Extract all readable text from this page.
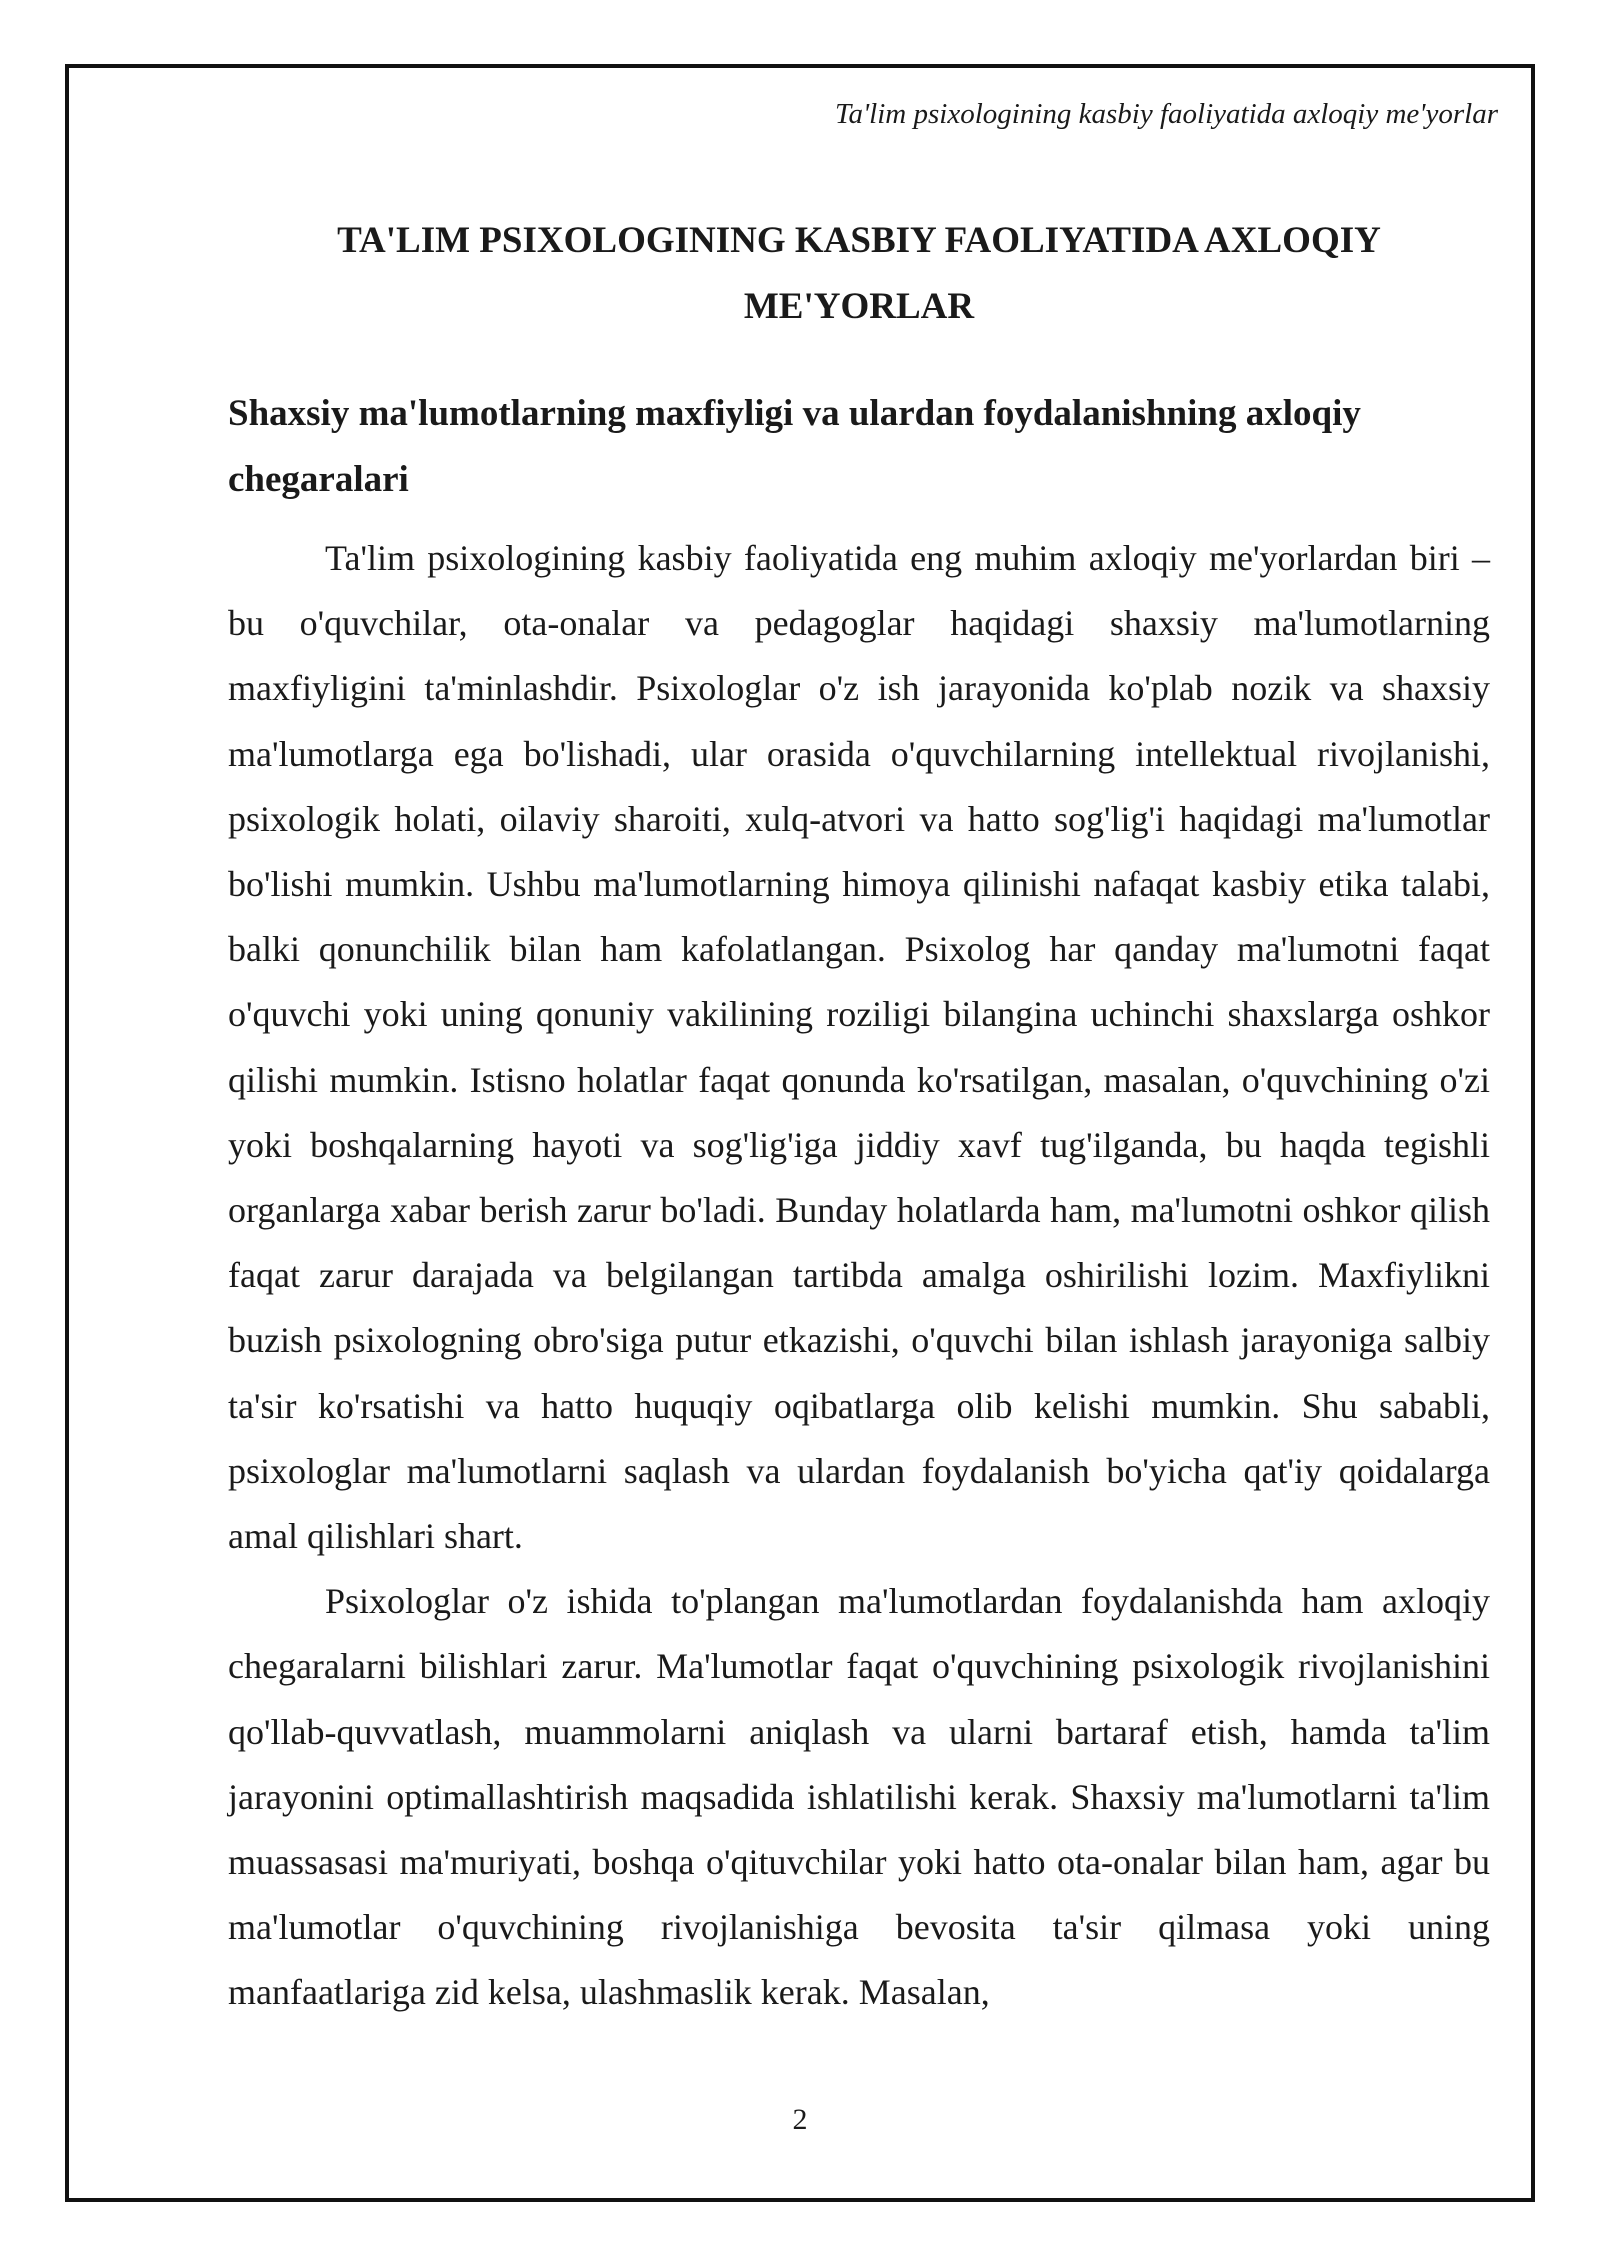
Ta'lim psixologining kasbiy faoliyatida axloqiy me'yorlar
TA'LIM PSIXOLOGINING KASBIY FAOLIYATIDA AXLOQIY
ME'YORLAR
Shaxsiy ma'lumotlarning maxfiyligi va ulardan foydalanishning axloqiy chegaralari

Ta'lim psixologining kasbiy faoliyatida eng muhim axloqiy me'yorlardan biri – bu o'quvchilar, ota-onalar va pedagoglar haqidagi shaxsiy ma'lumotlarning maxfiyligini ta'minlashdir. Psixologlar o'z ish jarayonida ko'plab nozik va shaxsiy ma'lumotlarga ega bo'lishadi, ular orasida o'quvchilarning intellektual rivojlanishi, psixologik holati, oilaviy sharoiti, xulq-atvori va hatto sog'lig'i haqidagi ma'lumotlar bo'lishi mumkin. Ushbu ma'lumotlarning himoya qilinishi nafaqat kasbiy etika talabi, balki qonunchilik bilan ham kafolatlangan. Psixolog har qanday ma'lumotni faqat o'quvchi yoki uning qonuniy vakilining roziligi bilangina uchinchi shaxslarga oshkor qilishi mumkin. Istisno holatlar faqat qonunda ko'rsatilgan, masalan, o'quvchining o'zi yoki boshqalarning hayoti va sog'lig'iga jiddiy xavf tug'ilganda, bu haqda tegishli organlarga xabar berish zarur bo'ladi. Bunday holatlarda ham, ma'lumotni oshkor qilish faqat zarur darajada va belgilangan tartibda amalga oshirilishi lozim. Maxfiylikni buzish psixologning obro'siga putur etkazishi, o'quvchi bilan ishlash jarayoniga salbiy ta'sir ko'rsatishi va hatto huquqiy oqibatlarga olib kelishi mumkin. Shu sababli, psixologlar ma'lumotlarni saqlash va ulardan foydalanish bo'yicha qat'iy qoidalarga amal qilishlari shart.

Psixologlar o'z ishida to'plangan ma'lumotlardan foydalanishda ham axloqiy chegaralarni bilishlari zarur. Ma'lumotlar faqat o'quvchining psixologik rivojlanishini qo'llab-quvvatlash, muammolarni aniqlash va ularni bartaraf etish, hamda ta'lim jarayonini optimallashtirish maqsadida ishlatilishi kerak. Shaxsiy ma'lumotlarni ta'lim muassasasi ma'muriyati, boshqa o'qituvchilar yoki hatto ota-onalar bilan ham, agar bu ma'lumotlar o'quvchining rivojlanishiga bevosita ta'sir qilmasa yoki uning manfaatlariga zid kelsa, ulashmaslik kerak. Masalan,

2
